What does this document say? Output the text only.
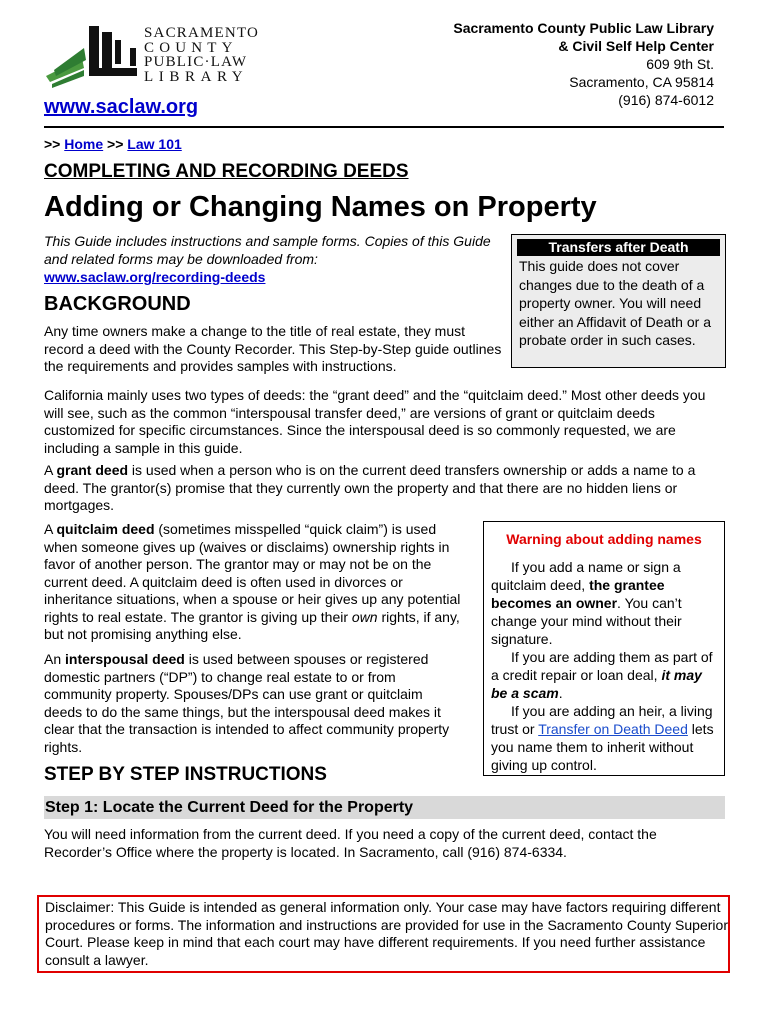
SACRAMENTO
COUNTY
PUBLIC·LAW
LIBRARY
Sacramento County Public Law Library
& Civil Self Help Center
609 9th St.
Sacramento, CA 95814
(916) 874-6012
www.saclaw.org
>> Home >> Law 101
COMPLETING AND RECORDING DEEDS
Adding or Changing Names on Property
This Guide includes instructions and sample forms. Copies of this Guide and related forms may be downloaded from:
www.saclaw.org/recording-deeds
Transfers after Death
This guide does not cover changes due to the death of a property owner. You will need either an Affidavit of Death or a probate order in such cases.
BACKGROUND
Any time owners make a change to the title of real estate, they must record a deed with the County Recorder. This Step-by-Step guide outlines the requirements and provides samples with instructions.
California mainly uses two types of deeds: the “grant deed” and the “quitclaim deed.” Most other deeds you will see, such as the common “interspousal transfer deed,” are versions of grant or quitclaim deeds customized for specific circumstances. Since the interspousal deed is so commonly requested, we are including a sample in this guide.
A grant deed is used when a person who is on the current deed transfers ownership or adds a name to a deed. The grantor(s) promise that they currently own the property and that there are no hidden liens or mortgages.
A quitclaim deed (sometimes misspelled “quick claim”) is used when someone gives up (waives or disclaims) ownership rights in favor of another person. The grantor may or may not be on the current deed. A quitclaim deed is often used in divorces or inheritance situations, when a spouse or heir gives up any potential rights to real estate. The grantor is giving up their own rights, if any, but not promising anything else.
An interspousal deed is used between spouses or registered domestic partners (“DP”) to change real estate to or from community property. Spouses/DPs can use grant or quitclaim deeds to do the same things, but the interspousal deed makes it clear that the transaction is intended to affect community property rights.
Warning about adding names
If you add a name or sign a quitclaim deed, the grantee becomes an owner. You can’t change your mind without their signature.
If you are adding them as part of a credit repair or loan deal, it may be a scam.
If you are adding an heir, a living trust or Transfer on Death Deed lets you name them to inherit without giving up control.
STEP BY STEP INSTRUCTIONS
Step 1: Locate the Current Deed for the Property
You will need information from the current deed. If you need a copy of the current deed, contact the Recorder’s Office where the property is located. In Sacramento, call (916) 874-6334.
Disclaimer: This Guide is intended as general information only. Your case may have factors requiring different procedures or forms. The information and instructions are provided for use in the Sacramento County Superior Court. Please keep in mind that each court may have different requirements. If you need further assistance consult a lawyer.
